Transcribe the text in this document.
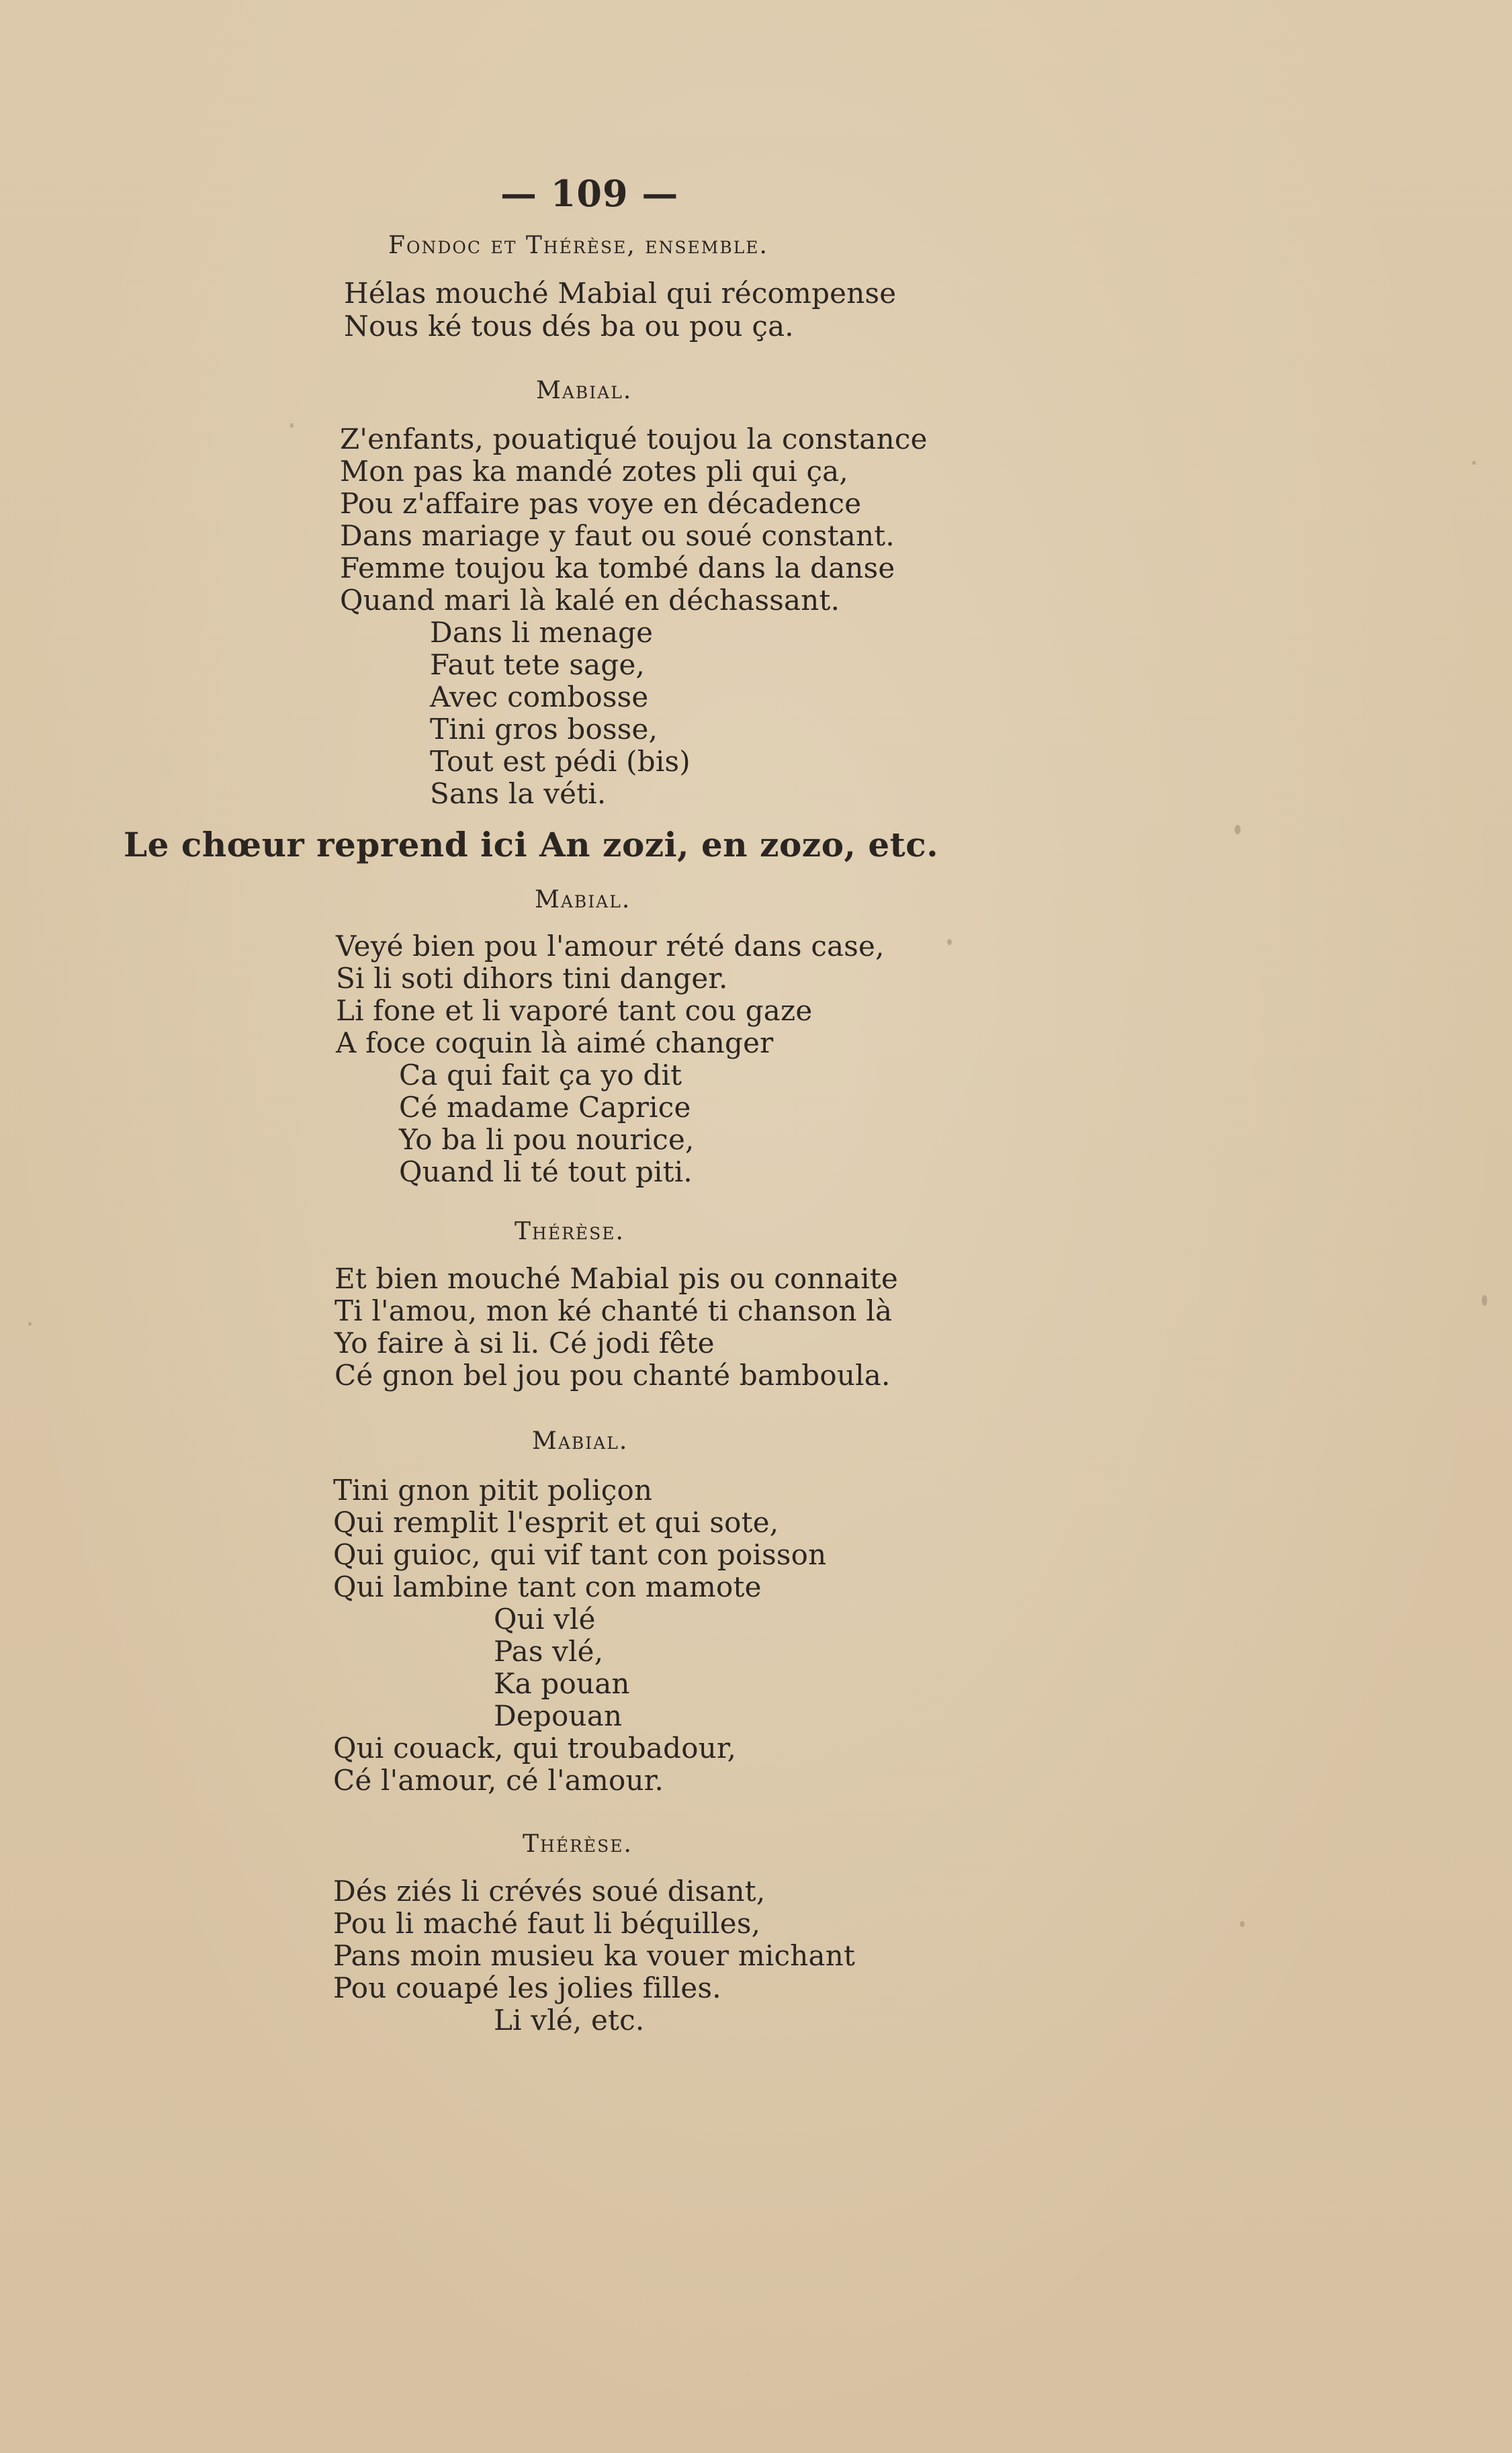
— 109 —
Fondoc et Thérèse, ensemble.
Hélas mouché Mabial qui récompense
Nous ké tous dés ba ou pou ça.
Mabial.
Z'enfants, pouatiqué toujou la constance
Mon pas ka mandé zotes pli qui ça,
Pou z'affaire pas voye en décadence
Dans mariage y faut ou soué constant.
Femme toujou ka tombé dans la danse
Quand mari là kalé en déchassant.
Dans li menage
Faut tete sage,
Avec combosse
Tini gros bosse,
Tout est pédi (bis)
Sans la véti.
Le chœur reprend ici An zozi, en zozo, etc.
Mabial.
Veyé bien pou l'amour rété dans case,
Si li soti dihors tini danger.
Li fone et li vaporé tant cou gaze
A foce coquin là aimé changer
Ca qui fait ça yo dit
Cé madame Caprice
Yo ba li pou nourice,
Quand li té tout piti.
Thérèse.
Et bien mouché Mabial pis ou connaite
Ti l'amou, mon ké chanté ti chanson là
Yo faire à si li. Cé jodi fête
Cé gnon bel jou pou chanté bamboula.
Mabial.
Tini gnon pitit poliçon
Qui remplit l'esprit et qui sote,
Qui guioc, qui vif tant con poisson
Qui lambine tant con mamote
Qui vlé
Pas vlé,
Ka pouan
Depouan
Qui couack, qui troubadour,
Cé l'amour, cé l'amour.
Thérèse.
Dés ziés li crévés soué disant,
Pou li maché faut li béquilles,
Pans moin musieu ka vouer michant
Pou couapé les jolies filles.
Li vlé, etc.
